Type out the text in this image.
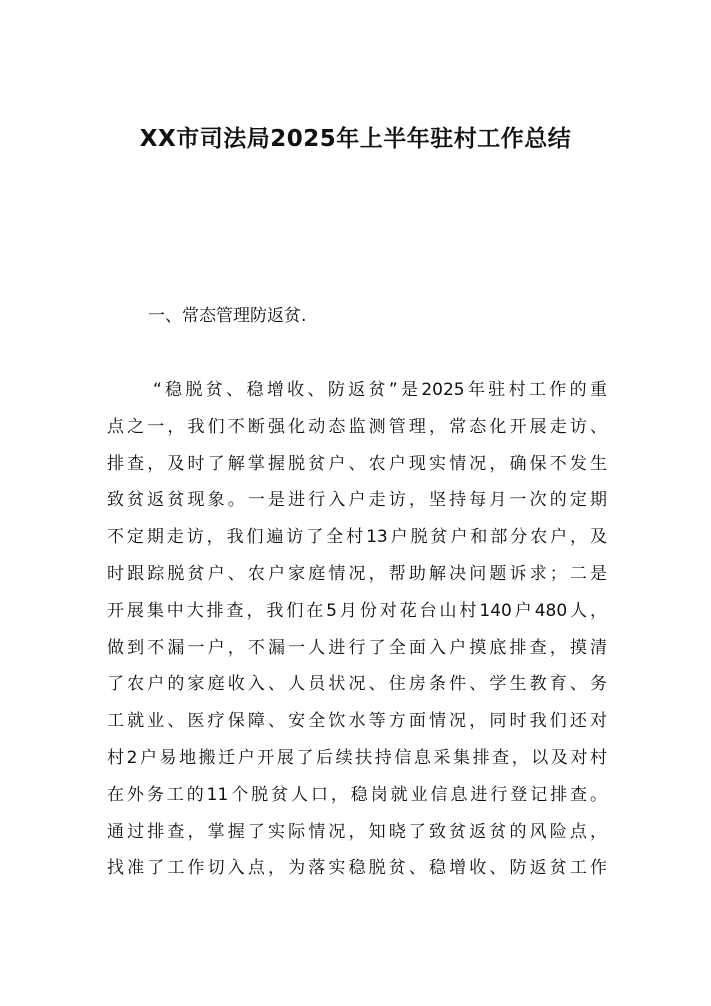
XX市司法局2025年上半年驻村工作总结

一、常态管理防返贫.

“稳脱贫、稳增收、防返贫”是2025年驻村工作的重
点之一，我们不断强化动态监测管理，常态化开展走访、
排查，及时了解掌握脱贫户、农户现实情况，确保不发生
致贫返贫现象。一是进行入户走访，坚持每月一次的定期
不定期走访，我们遍访了全村13户脱贫户和部分农户，及
时跟踪脱贫户、农户家庭情况，帮助解决问题诉求；二是
开展集中大排查，我们在5月份对花台山村140户480人，
做到不漏一户，不漏一人进行了全面入户摸底排查，摸清
了农户的家庭收入、人员状况、住房条件、学生教育、务
工就业、医疗保障、安全饮水等方面情况，同时我们还对
村2户易地搬迁户开展了后续扶持信息采集排查，以及对村
在外务工的11个脱贫人口，稳岗就业信息进行登记排查。
通过排查，掌握了实际情况，知晓了致贫返贫的风险点，
找准了工作切入点，为落实稳脱贫、稳增收、防返贫工作
